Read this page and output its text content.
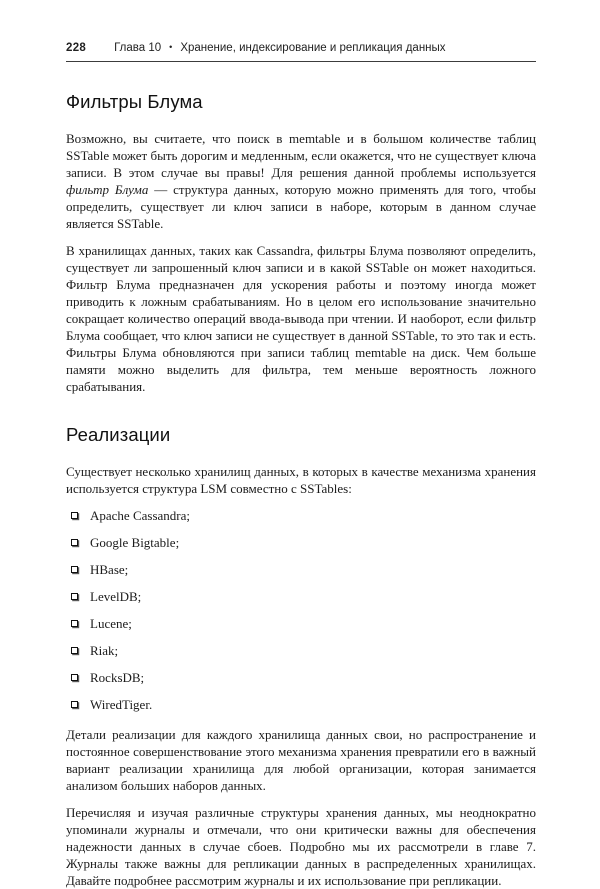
228 Глава 10 • Хранение, индексирование и репликация данных
Фильтры Блума

Возможно, вы считаете, что поиск в memtable и в большом количестве таблиц SSTable может быть дорогим и медленным, если окажется, что не существует ключа записи. В этом случае вы правы! Для решения данной проблемы используется фильтр Блума — структура данных, которую можно применять для того, чтобы определить, существует ли ключ записи в наборе, которым в данном случае является SSTable.

В хранилищах данных, таких как Cassandra, фильтры Блума позволяют определить, существует ли запрошенный ключ записи и в какой SSTable он может находиться. Фильтр Блума предназначен для ускорения работы и поэтому иногда может приводить к ложным срабатываниям. Но в целом его использование значительно сокращает количество операций ввода-вывода при чтении. И наоборот, если фильтр Блума сообщает, что ключ записи не существует в данной SSTable, то это так и есть. Фильтры Блума обновляются при записи таблиц memtable на диск. Чем больше памяти можно выделить для фильтра, тем меньше вероятность ложного срабатывания.

Реализации

Существует несколько хранилищ данных, в которых в качестве механизма хранения используется структура LSM совместно с SSTables:

Apache Cassandra;
Google Bigtable;
HBase;
LevelDB;
Lucene;
Riak;
RocksDB;
WiredTiger.

Детали реализации для каждого хранилища данных свои, но распространение и постоянное совершенствование этого механизма хранения превратили его в важный вариант реализации хранилища для любой организации, которая занимается анализом больших наборов данных.

Перечисляя и изучая различные структуры хранения данных, мы неоднократно упоминали журналы и отмечали, что они критически важны для обеспечения надежности данных в случае сбоев. Подробно мы их рассмотрели в главе 7. Журналы также важны для репликации данных в распределенных хранилищах. Давайте подробнее рассмотрим журналы и их использование при репликации.
